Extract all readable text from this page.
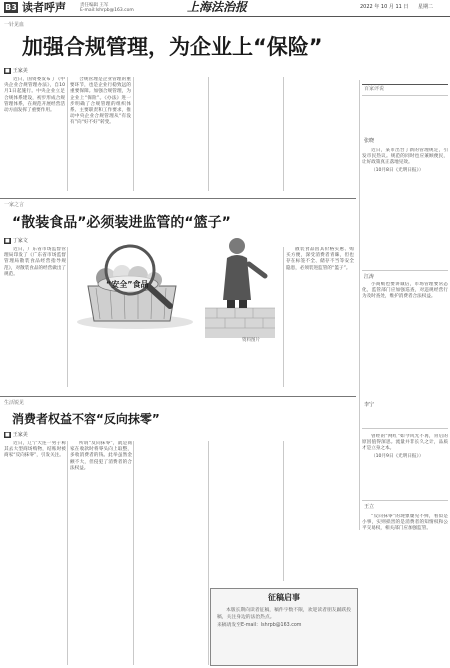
B3 读者呼声	责任编辑 王军
E-mail:lshrpb@163.com	上海法治报	2022 年 10 月 11 日 星期二
一针见血
加强合规管理，为企业上“保险”
■ 王家美

近日，国资委发布了《中央企业合规管理办法》，自10月1日起施行。中央企业立足合规体系建设，初步形成合规管理体系，在规范开展经营活动方面发挥了重要作用。

合规管理是企业管理的重要环节，也是企业行稳致远的重要保障。加强合规管理，为企业上“保险”。《办法》进一步明确了合规管理的组织体系、主要职责和工作要求，推动中央企业合规管理从“有没有”向“好不好”转变。

百家评说
张晓

近日，某市出台了新的管理规定，引发市民热议。规范的同时也应兼顾便民，让好政策真正落地见效。

（10月8日《光明日报》）

江涛

小商贩也要讲诚信，市场管理要常态化，监管部门应加强巡查，对违规经营行为及时查处，维护消费者合法权益。

李宁

曾经的“网红”如今风光不再，背后的原因值得深思。流量并非长久之计，品质才是立身之本。

（10月9日《光明日报》）

王立

“反向抹零”的现象屡见不鲜，看似是小事，实则损害的是消费者的知情权和公平交易权，相关部门应加强监管。

一家之言
“散装食品”必须装进监管的“篮子”
■ 丁家文

近日，广东省市场监督管理局印发了《广东省市场监督管理局散装食品经营指导规范》，对散装食品的经营做出了规范。

“安全”食品
资料图片

散装食品因其价格实惠、购买方便，深受消费者青睐，但也存在标签不全、储存不当等安全隐患，必须装进监管的“篮子”。

生活锐见
消费者权益不容“反向抹零”
■ 王家美

近日，辽宁大连一男子称其去大型商场购物，结账时被商家“反向抹零”，引发关注。

所谓“反向抹零”，就是商家在收款时将零头向上取整，多收消费者的钱。此举虽然金额不大，但侵犯了消费者的合法权益。

征稿启事

本版长期向读者征稿，稿件字数不限，欢迎读者朋友踊跃投稿，关注身边的法治热点。

来稿请发至E-mail：lshrpb@163.com
